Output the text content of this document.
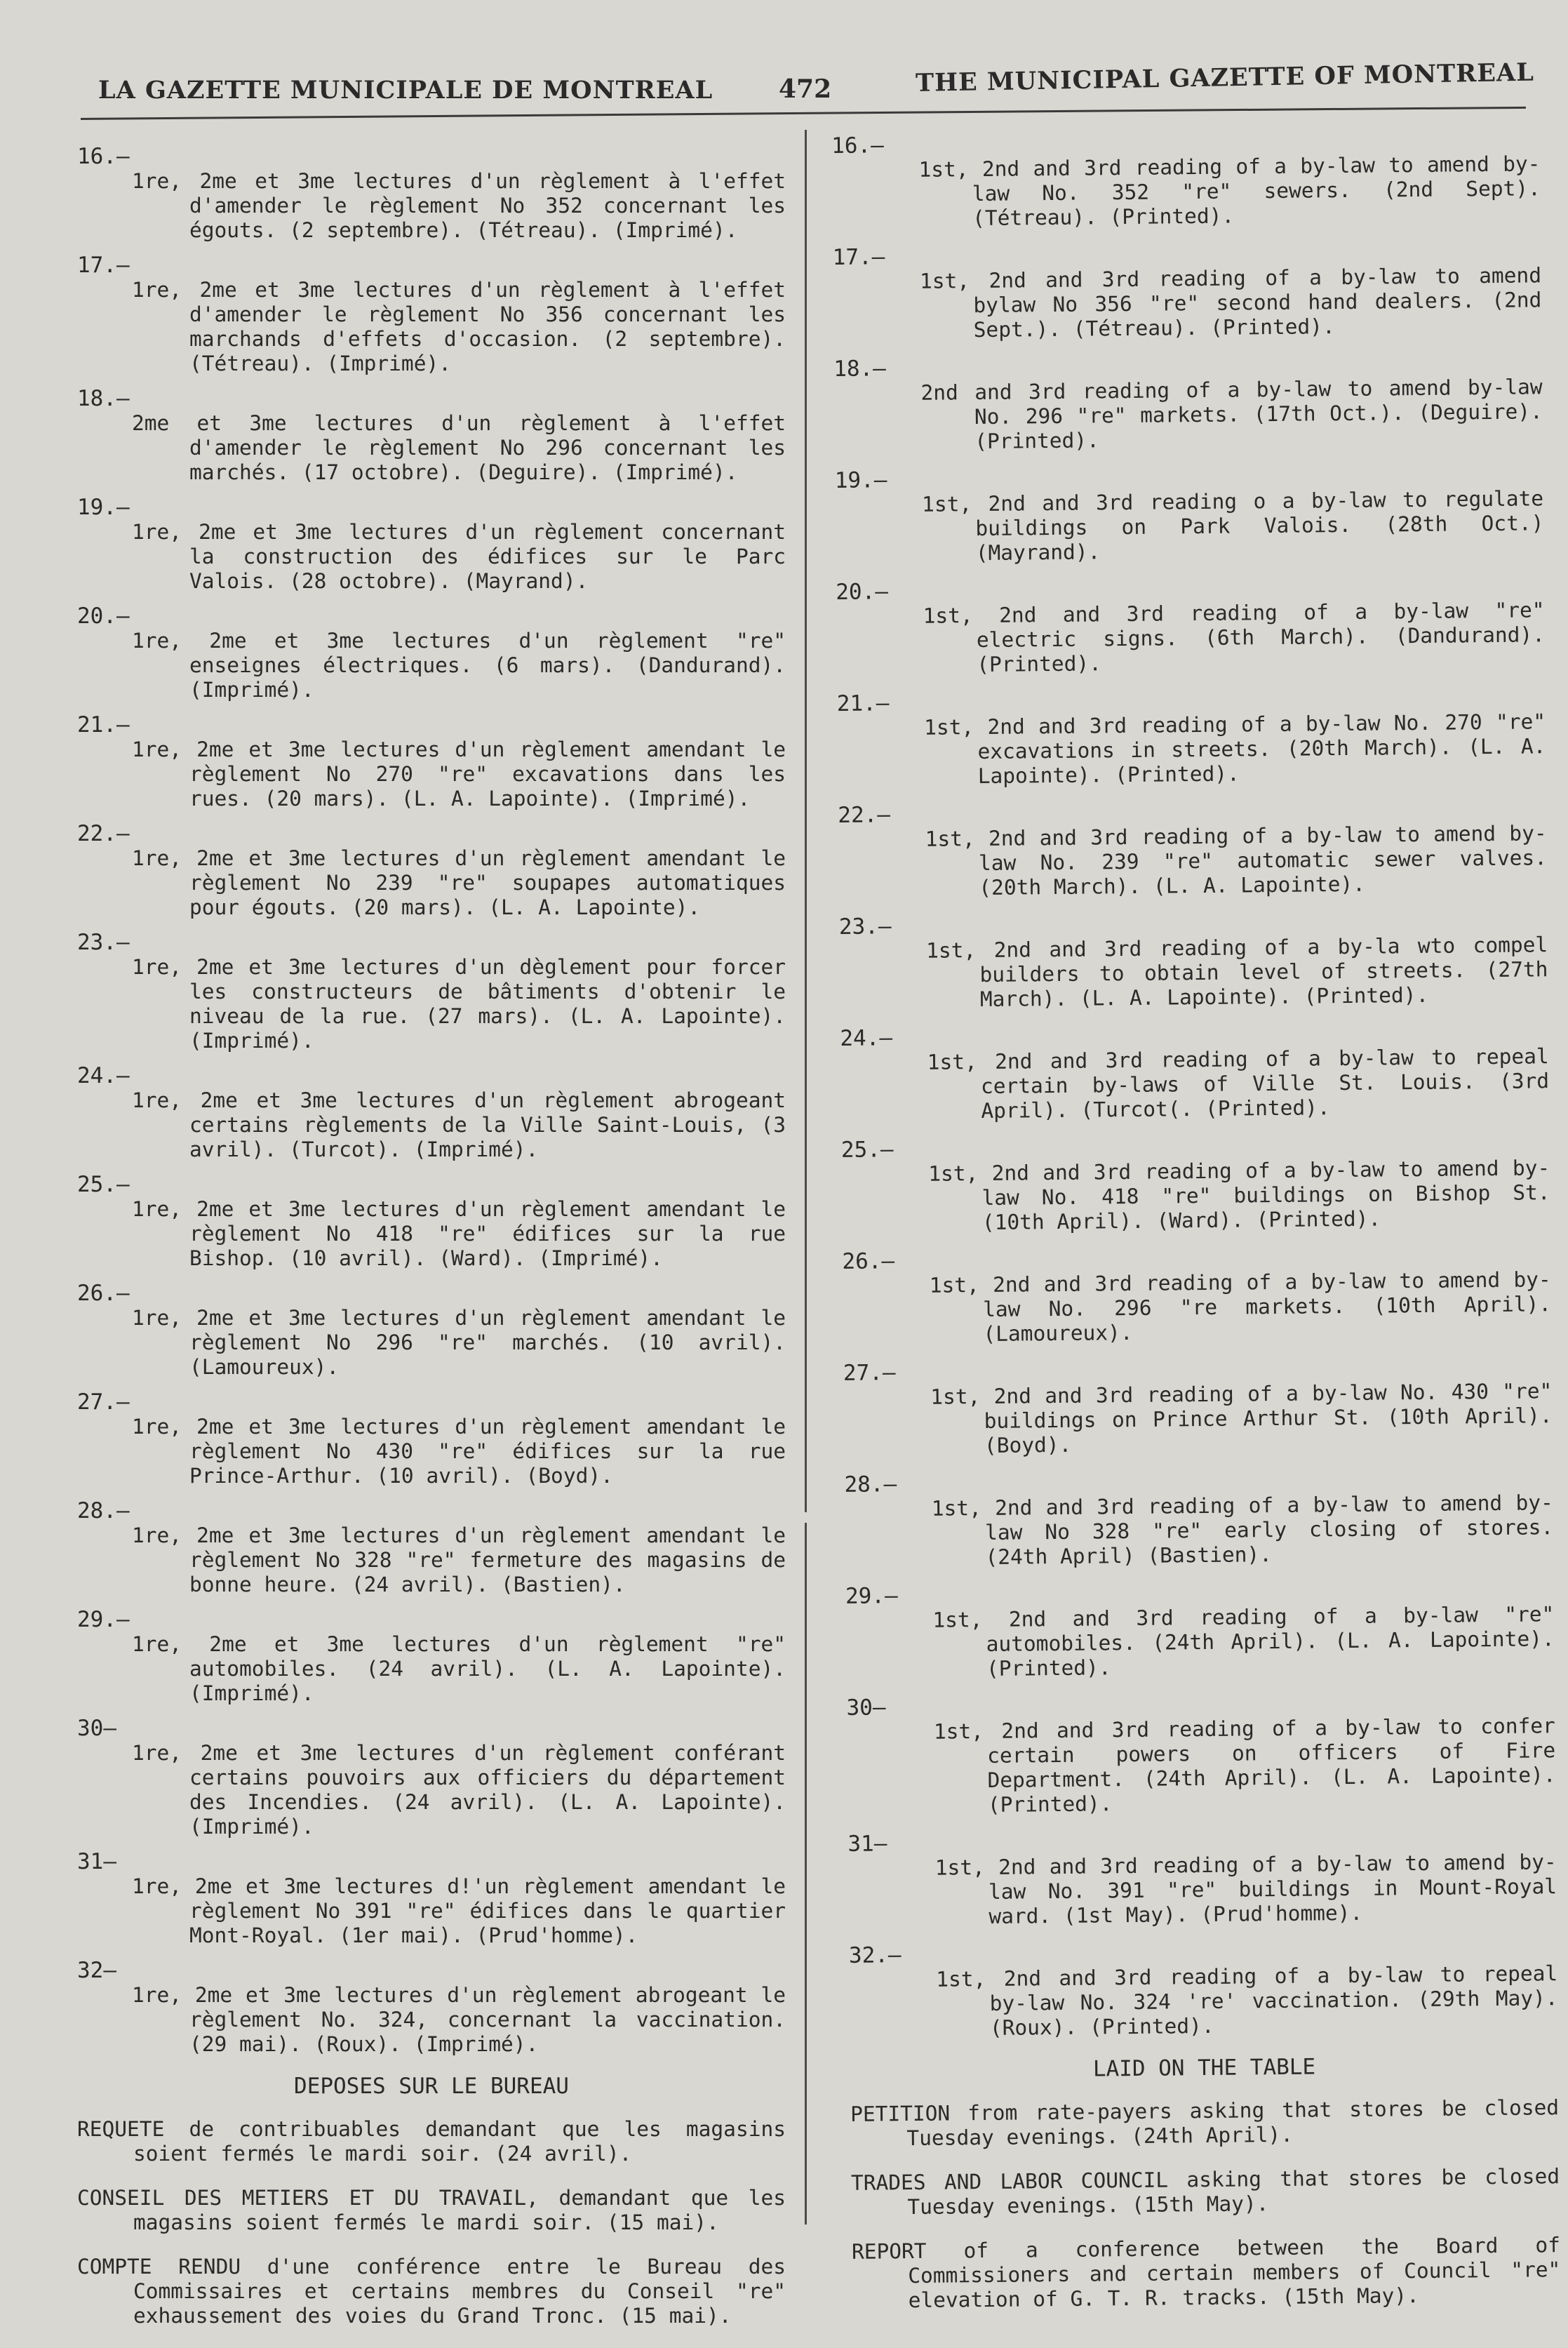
LA GAZETTE MUNICIPALE DE MONTREAL	472	THE MUNICIPAL GAZETTE OF MONTREAL
16.—
1re, 2me et 3me lectures d'un règlement à l'effet d'amender le règlement No 352 concernant les égouts. (2 septembre). (Tétreau). (Imprimé).
17.—
1re, 2me et 3me lectures d'un règlement à l'effet d'amender le règlement No 356 concernant les marchands d'effets d'occasion. (2 septembre). (Tétreau). (Imprimé).
18.—
2me et 3me lectures d'un règlement à l'effet d'amender le règlement No 296 concernant les marchés. (17 octobre). (Deguire). (Imprimé).
19.—
1re, 2me et 3me lectures d'un règlement concernant la construction des édifices sur le Parc Valois. (28 octobre). (Mayrand).
20.—
1re, 2me et 3me lectures d'un règlement "re" enseignes électriques. (6 mars). (Dandurand). (Imprimé).
21.—
1re, 2me et 3me lectures d'un règlement amendant le règlement No 270 "re" excavations dans les rues. (20 mars). (L. A. Lapointe). (Imprimé).
22.—
1re, 2me et 3me lectures d'un règlement amendant le règlement No 239 "re" soupapes automatiques pour égouts. (20 mars). (L. A. Lapointe).
23.—
1re, 2me et 3me lectures d'un dèglement pour forcer les constructeurs de bâtiments d'obtenir le niveau de la rue. (27 mars). (L. A. Lapointe). (Imprimé).
24.—
1re, 2me et 3me lectures d'un règlement abrogeant certains règlements de la Ville Saint-Louis, (3 avril). (Turcot). (Imprimé).
25.—
1re, 2me et 3me lectures d'un règlement amendant le règlement No 418 "re" édifices sur la rue Bishop. (10 avril). (Ward). (Imprimé).
26.—
1re, 2me et 3me lectures d'un règlement amendant le règlement No 296 "re" marchés. (10 avril). (Lamoureux).
27.—
1re, 2me et 3me lectures d'un règlement amendant le règlement No 430 "re" édifices sur la rue Prince-Arthur. (10 avril). (Boyd).
28.—
1re, 2me et 3me lectures d'un règlement amendant le règlement No 328 "re" fermeture des magasins de bonne heure. (24 avril). (Bastien).
29.—
1re, 2me et 3me lectures d'un règlement "re" automobiles. (24 avril). (L. A. Lapointe). (Imprimé).
30—
1re, 2me et 3me lectures d'un règlement conférant certains pouvoirs aux officiers du département des Incendies. (24 avril). (L. A. Lapointe). (Imprimé).
31—
1re, 2me et 3me lectures d!'un règlement amendant le règlement No 391 "re" édifices dans le quartier Mont-Royal. (1er mai). (Prud'homme).
32—
1re, 2me et 3me lectures d'un règlement abrogeant le règlement No. 324, concernant la vaccination. (29 mai). (Roux). (Imprimé).
DEPOSES SUR LE BUREAU
REQUETE de contribuables demandant que les magasins soient fermés le mardi soir. (24 avril).
CONSEIL DES METIERS ET DU TRAVAIL, demandant que les magasins soient fermés le mardi soir. (15 mai).
COMPTE RENDU d'une conférence entre le Bureau des Commissaires et certains membres du Conseil "re" exhaussement des voies du Grand Tronc. (15 mai).
16.—
1st, 2nd and 3rd reading of a by-law to amend by-law No. 352 "re" sewers. (2nd Sept). (Tétreau). (Printed).
17.—
1st, 2nd and 3rd reading of a by-law to amend bylaw No 356 "re" second hand dealers. (2nd Sept.). (Tétreau). (Printed).
18.—
2nd and 3rd reading of a by-law to amend by-law No. 296 "re" markets. (17th Oct.). (Deguire). (Printed).
19.—
1st, 2nd and 3rd reading o a by-law to regulate buildings on Park Valois. (28th Oct.) (Mayrand).
20.—
1st, 2nd and 3rd reading of a by-law "re" electric signs. (6th March). (Dandurand). (Printed).
21.—
1st, 2nd and 3rd reading of a by-law No. 270 "re" excavations in streets. (20th March). (L. A. Lapointe). (Printed).
22.—
1st, 2nd and 3rd reading of a by-law to amend by-law No. 239 "re" automatic sewer valves. (20th March). (L. A. Lapointe).
23.—
1st, 2nd and 3rd reading of a by-la wto compel builders to obtain level of streets. (27th March). (L. A. Lapointe). (Printed).
24.—
1st, 2nd and 3rd reading of a by-law to repeal certain by-laws of Ville St. Louis. (3rd April). (Turcot(. (Printed).
25.—
1st, 2nd and 3rd reading of a by-law to amend by-law No. 418 "re" buildings on Bishop St. (10th April). (Ward). (Printed).
26.—
1st, 2nd and 3rd reading of a by-law to amend by-law No. 296 "re markets. (10th April). (Lamoureux).
27.—
1st, 2nd and 3rd reading of a by-law No. 430 "re" buildings on Prince Arthur St. (10th April). (Boyd).
28.—
1st, 2nd and 3rd reading of a by-law to amend by-law No 328 "re" early closing of stores. (24th April) (Bastien).
29.—
1st, 2nd and 3rd reading of a by-law "re" automobiles. (24th April). (L. A. Lapointe). (Printed).
30—
1st, 2nd and 3rd reading of a by-law to confer certain powers on officers of Fire Department. (24th April). (L. A. Lapointe). (Printed).
31—
1st, 2nd and 3rd reading of a by-law to amend by-law No. 391 "re" buildings in Mount-Royal ward. (1st May). (Prud'homme).
32.—
1st, 2nd and 3rd reading of a by-law to repeal by-law No. 324 're' vaccination. (29th May). (Roux). (Printed).
LAID ON THE TABLE
PETITION from rate-payers asking that stores be closed Tuesday evenings. (24th April).
TRADES AND LABOR COUNCIL asking that stores be closed Tuesday evenings. (15th May).
REPORT of a conference between the Board of Commissioners and certain members of Council "re" elevation of G. T. R. tracks. (15th May).
